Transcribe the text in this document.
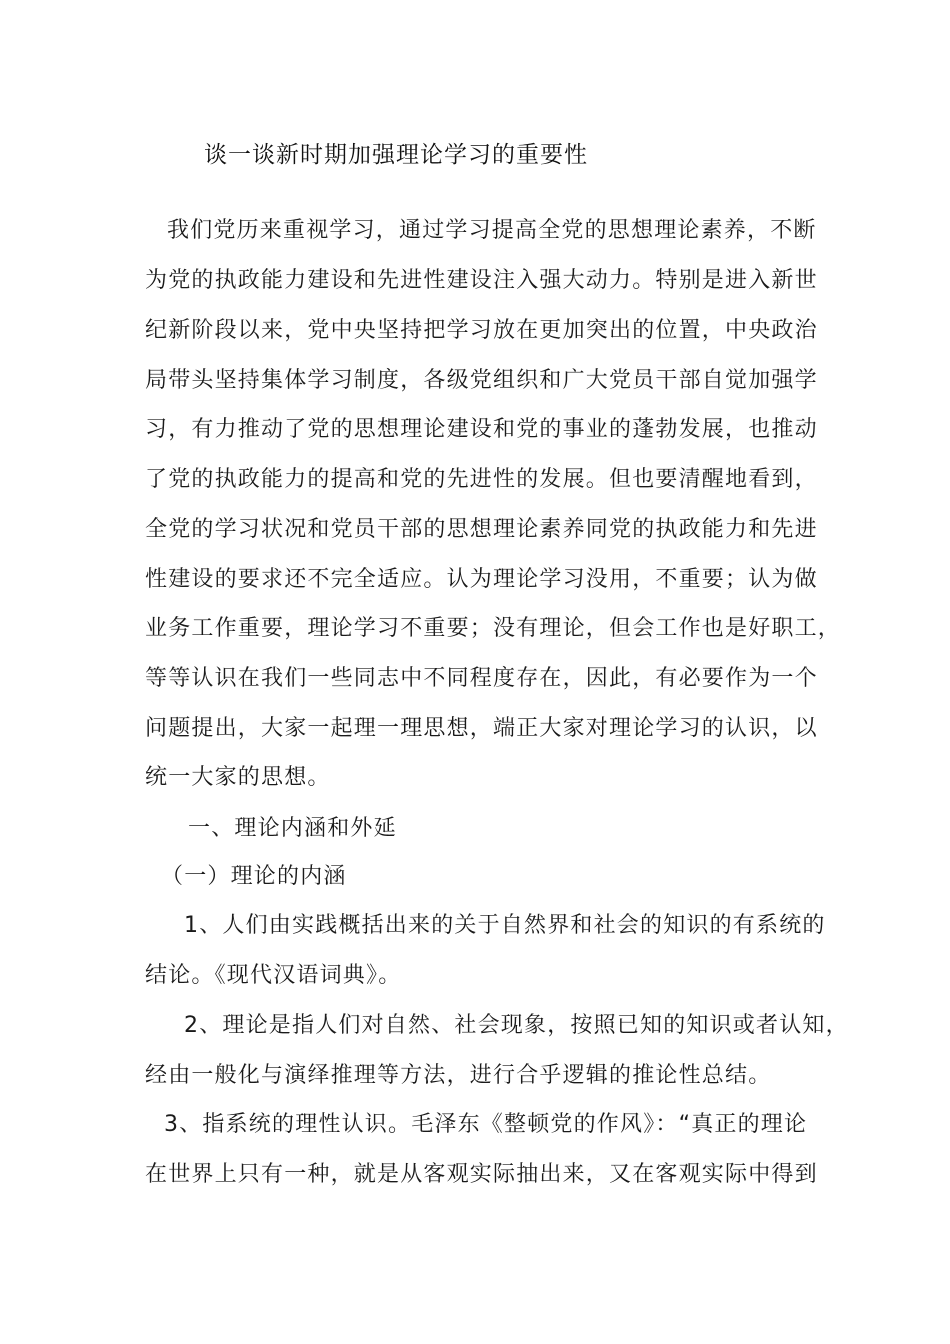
谈一谈新时期加强理论学习的重要性
我们党历来重视学习，通过学习提高全党的思想理论素养，不断
为党的执政能力建设和先进性建设注入强大动力。特别是进入新世
纪新阶段以来，党中央坚持把学习放在更加突出的位置，中央政治
局带头坚持集体学习制度，各级党组织和广大党员干部自觉加强学
习，有力推动了党的思想理论建设和党的事业的蓬勃发展，也推动
了党的执政能力的提高和党的先进性的发展。但也要清醒地看到，
全党的学习状况和党员干部的思想理论素养同党的执政能力和先进
性建设的要求还不完全适应。认为理论学习没用，不重要；认为做
业务工作重要，理论学习不重要；没有理论，但会工作也是好职工，
等等认识在我们一些同志中不同程度存在，因此，有必要作为一个
问题提出，大家一起理一理思想，端正大家对理论学习的认识，以
统一大家的思想。
一、理论内涵和外延
（一）理论的内涵
1、人们由实践概括出来的关于自然界和社会的知识的有系统的
结论。《现代汉语词典》。
2、理论是指人们对自然、社会现象，按照已知的知识或者认知，
经由一般化与演绎推理等方法，进行合乎逻辑的推论性总结。
3、指系统的理性认识。毛泽东《整顿党的作风》：“真正的理论
在世界上只有一种，就是从客观实际抽出来，又在客观实际中得到
